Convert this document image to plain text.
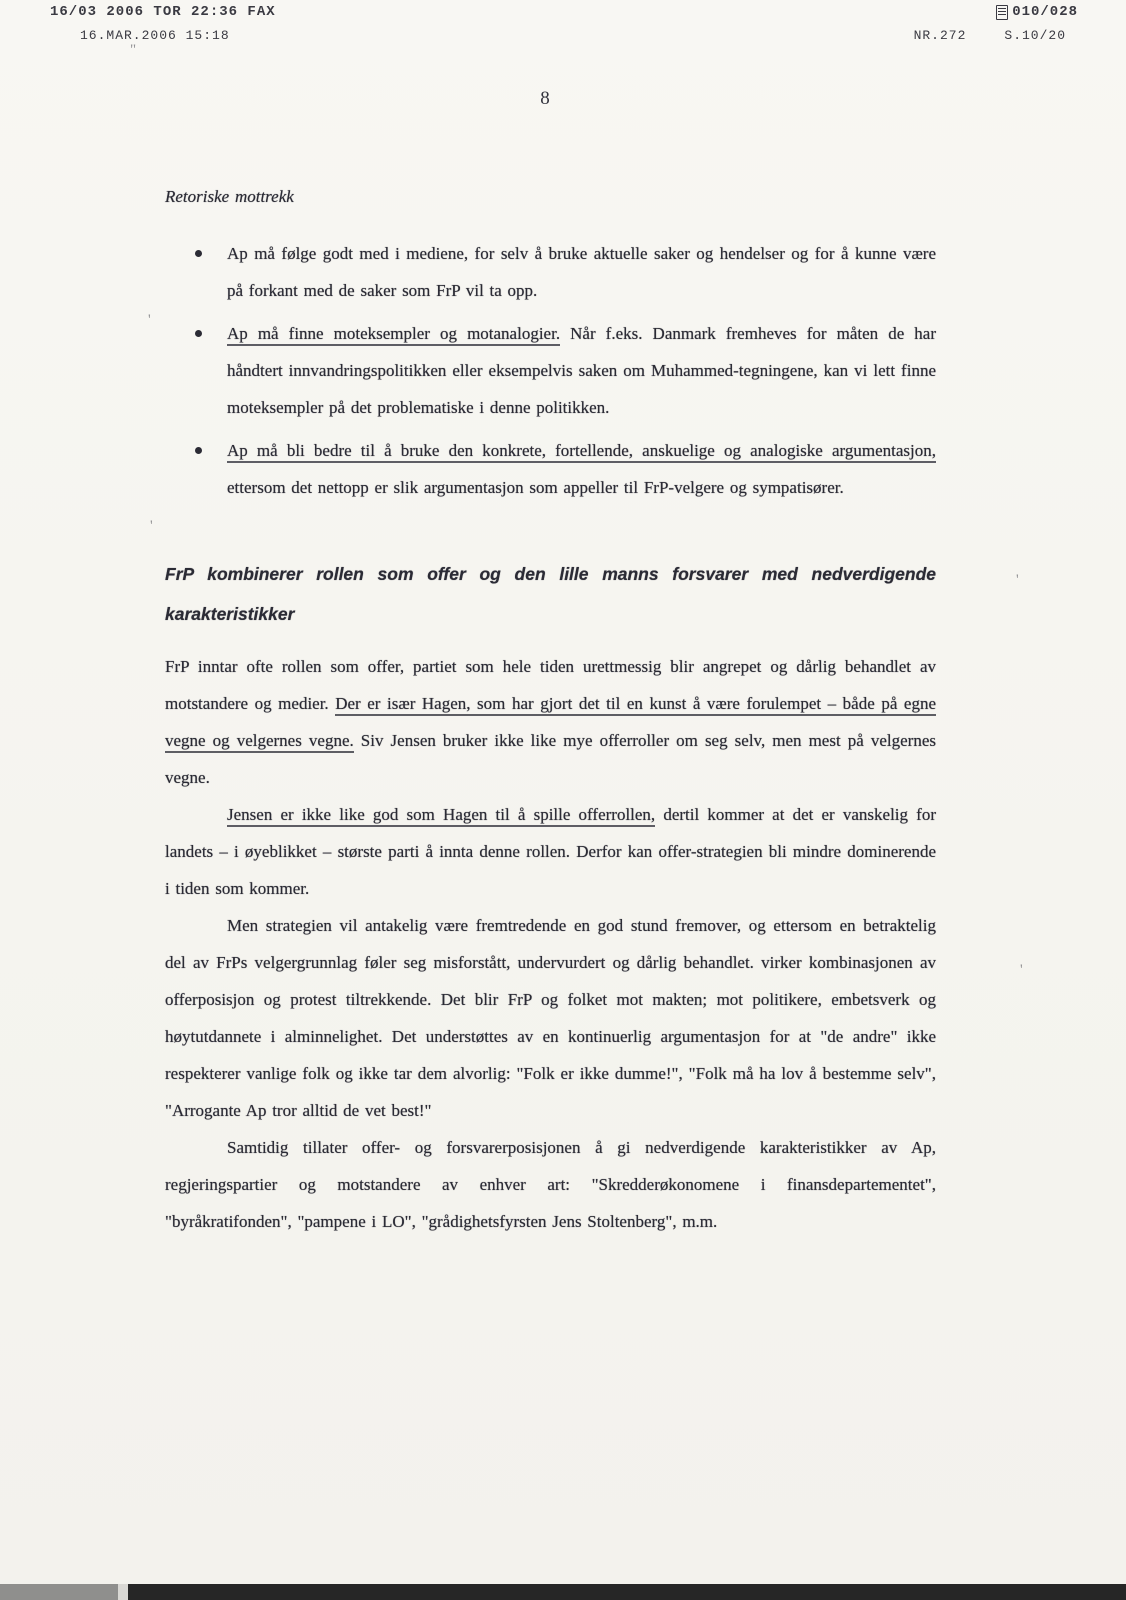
16/03 2006 TOR 22:36 FAX	010/028
16.MAR.2006 15:18	NR.272	S.10/20
8
Retoriske mottrekk
Ap må følge godt med i mediene, for selv å bruke aktuelle saker og hendelser og for å kunne være på forkant med de saker som FrP vil ta opp.
Ap må finne moteksempler og motanalogier. Når f.eks. Danmark fremheves for måten de har håndtert innvandringspolitikken eller eksempelvis saken om Muhammed-tegningene, kan vi lett finne moteksempler på det problematiske i denne politikken.
Ap må bli bedre til å bruke den konkrete, fortellende, anskuelige og analogiske argumentasjon, ettersom det nettopp er slik argumentasjon som appeller til FrP-velgere og sympatisører.
FrP kombinerer rollen som offer og den lille manns forsvarer med nedverdigende karakteristikker

FrP inntar ofte rollen som offer, partiet som hele tiden urettmessig blir angrepet og dårlig behandlet av motstandere og medier. Der er især Hagen, som har gjort det til en kunst å være forulempet – både på egne vegne og velgernes vegne. Siv Jensen bruker ikke like mye offerroller om seg selv, men mest på velgernes vegne.

Jensen er ikke like god som Hagen til å spille offerrollen, dertil kommer at det er vanskelig for landets – i øyeblikket – største parti å innta denne rollen. Derfor kan offer-strategien bli mindre dominerende i tiden som kommer.

Men strategien vil antakelig være fremtredende en god stund fremover, og ettersom en betraktelig del av FrPs velgergrunnlag føler seg misforstått, undervurdert og dårlig behandlet. virker kombinasjonen av offerposisjon og protest tiltrekkende. Det blir FrP og folket mot makten; mot politikere, embetsverk og høytutdannete i alminnelighet. Det understøttes av en kontinuerlig argumentasjon for at "de andre" ikke respekterer vanlige folk og ikke tar dem alvorlig: "Folk er ikke dumme!", "Folk må ha lov å bestemme selv", "Arrogante Ap tror alltid de vet best!"

Samtidig tillater offer- og forsvarerposisjonen å gi nedverdigende karakteristikker av Ap, regjeringspartier og motstandere av enhver art: "Skredderøkonomene i finansdepartementet", "byråkratifonden", "pampene i LO", "grådighetsfyrsten Jens Stoltenberg", m.m.

"
'
'
'
'
